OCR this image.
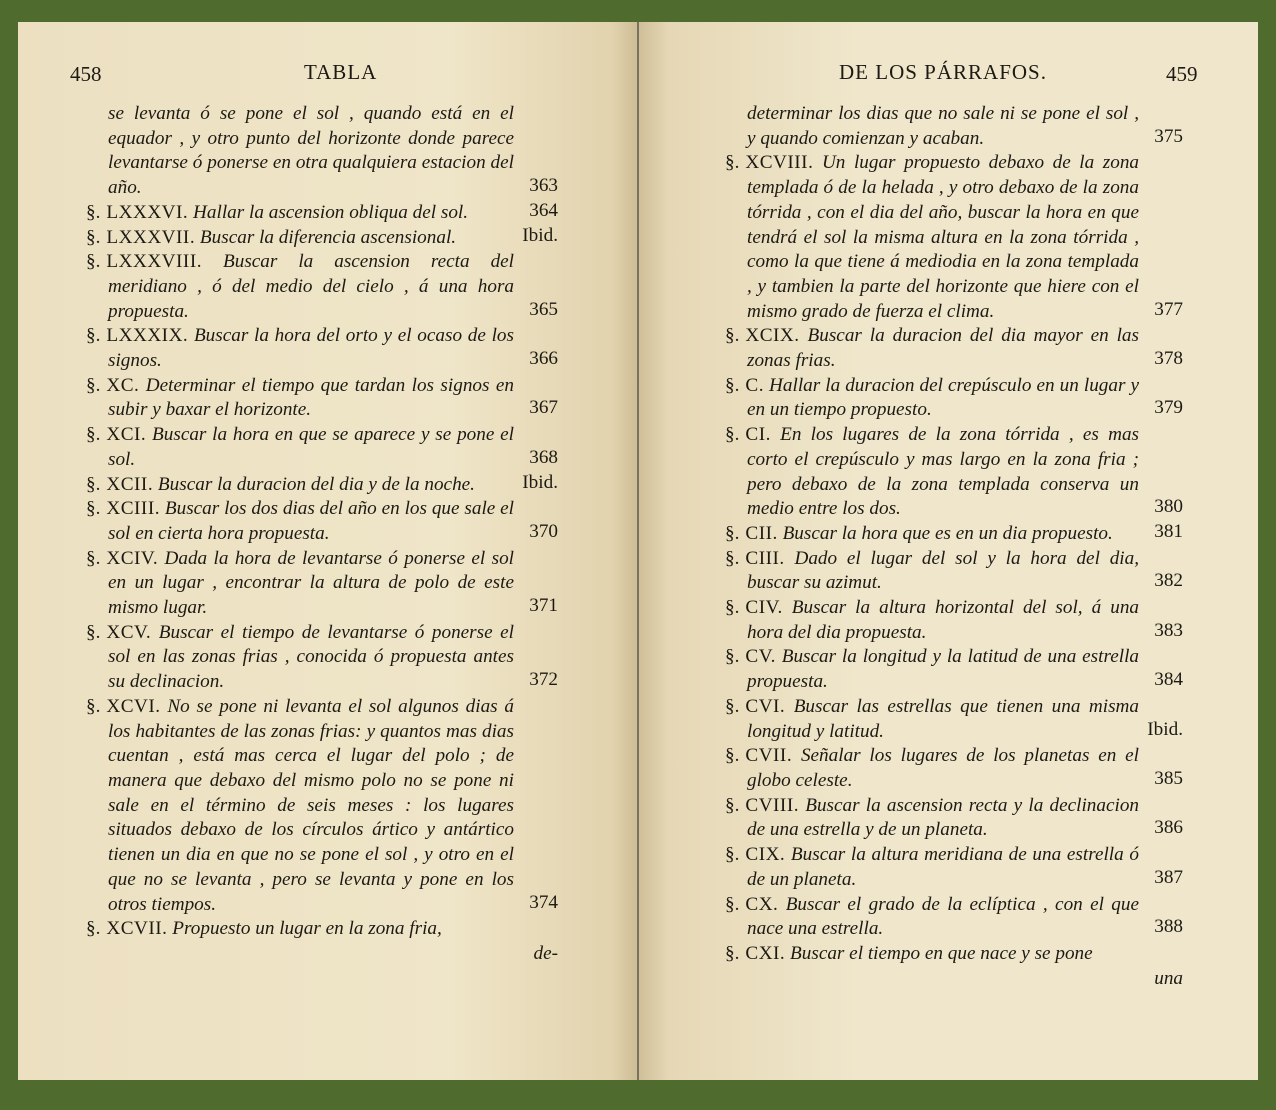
458	TABLA
se levanta ó se pone el sol , quando está en el equador , y otro punto del horizonte donde parece levantarse ó ponerse en otra qualquiera estacion del año.	363
§. LXXXVI. Hallar la ascension obliqua del sol.	364
§. LXXXVII. Buscar la diferencia ascensional.	Ibid.
§. LXXXVIII. Buscar la ascension recta del meridiano , ó del medio del cielo , á una hora propuesta.	365
§. LXXXIX. Buscar la hora del orto y el ocaso de los signos.	366
§. XC. Determinar el tiempo que tardan los signos en subir y baxar el horizonte.	367
§. XCI. Buscar la hora en que se aparece y se pone el sol.	368
§. XCII. Buscar la duracion del dia y de la noche.	Ibid.
§. XCIII. Buscar los dos dias del año en los que sale el sol en cierta hora propuesta.	370
§. XCIV. Dada la hora de levantarse ó ponerse el sol en un lugar , encontrar la altura de polo de este mismo lugar.	371
§. XCV. Buscar el tiempo de levantarse ó ponerse el sol en las zonas frias , conocida ó propuesta antes su declinacion.	372
§. XCVI. No se pone ni levanta el sol algunos dias á los habitantes de las zonas frias: y quantos mas dias cuentan , está mas cerca el lugar del polo ; de manera que debaxo del mismo polo no se pone ni sale en el término de seis meses : los lugares situados debaxo de los círculos ártico y antártico tienen un dia en que no se pone el sol , y otro en el que no se levanta , pero se levanta y pone en los otros tiempos.	374
§. XCVII. Propuesto un lugar en la zona fria,
de-
DE LOS PÁRRAFOS.	459
determinar los dias que no sale ni se pone el sol , y quando comienzan y acaban.	375
§. XCVIII. Un lugar propuesto debaxo de la zona templada ó de la helada , y otro debaxo de la zona tórrida , con el dia del año, buscar la hora en que tendrá el sol la misma altura en la zona tórrida , como la que tiene á mediodia en la zona templada , y tambien la parte del horizonte que hiere con el mismo grado de fuerza el clima.	377
§. XCIX. Buscar la duracion del dia mayor en las zonas frias.	378
§. C. Hallar la duracion del crepúsculo en un lugar y en un tiempo propuesto.	379
§. CI. En los lugares de la zona tórrida , es mas corto el crepúsculo y mas largo en la zona fria ; pero debaxo de la zona templada conserva un medio entre los dos.	380
§. CII. Buscar la hora que es en un dia propuesto.	381
§. CIII. Dado el lugar del sol y la hora del dia, buscar su azimut.	382
§. CIV. Buscar la altura horizontal del sol, á una hora del dia propuesta.	383
§. CV. Buscar la longitud y la latitud de una estrella propuesta.	384
§. CVI. Buscar las estrellas que tienen una misma longitud y latitud.	Ibid.
§. CVII. Señalar los lugares de los planetas en el globo celeste.	385
§. CVIII. Buscar la ascension recta y la declinacion de una estrella y de un planeta.	386
§. CIX. Buscar la altura meridiana de una estrella ó de un planeta.	387
§. CX. Buscar el grado de la eclíptica , con el que nace una estrella.	388
§. CXI. Buscar el tiempo en que nace y se pone
una
